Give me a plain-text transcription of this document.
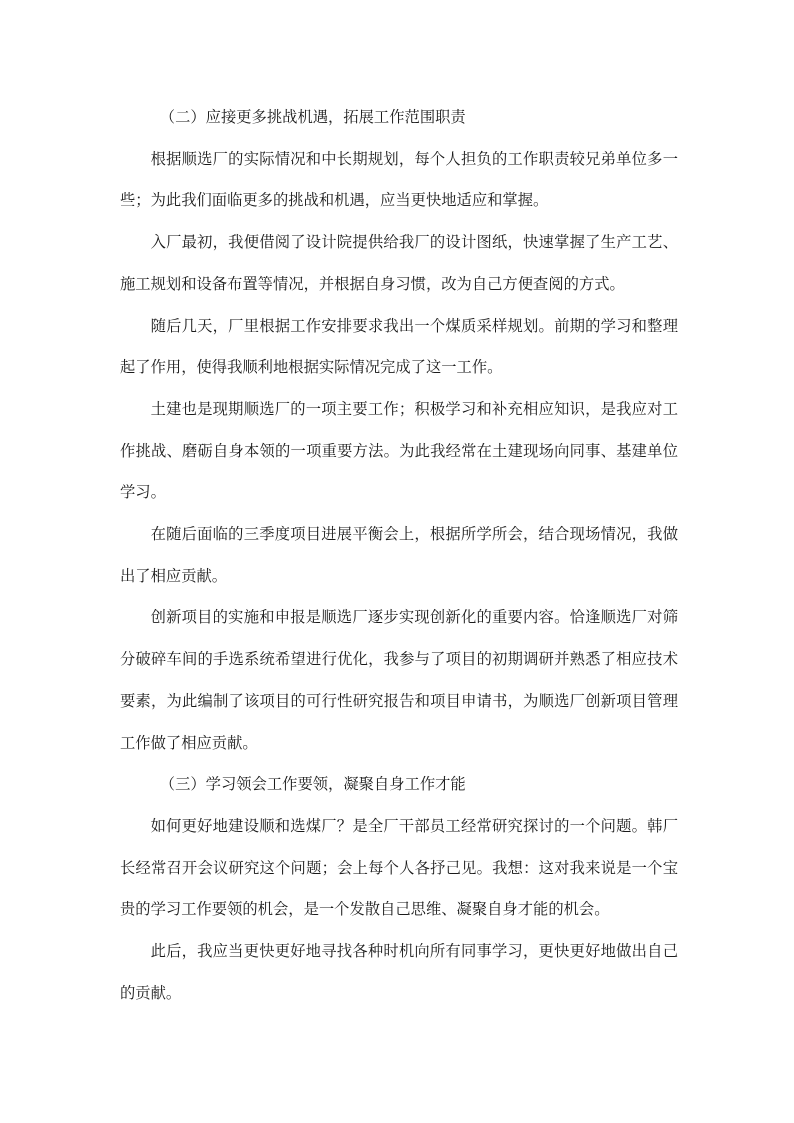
（二）应接更多挑战机遇，拓展工作范围职责

根据顺选厂的实际情况和中长期规划，每个人担负的工作职责较兄弟单位多一些；为此我们面临更多的挑战和机遇，应当更快地适应和掌握。

入厂最初，我便借阅了设计院提供给我厂的设计图纸，快速掌握了生产工艺、施工规划和设备布置等情况，并根据自身习惯，改为自己方便查阅的方式。

随后几天，厂里根据工作安排要求我出一个煤质采样规划。前期的学习和整理起了作用，使得我顺利地根据实际情况完成了这一工作。

土建也是现期顺选厂的一项主要工作；积极学习和补充相应知识，是我应对工作挑战、磨砺自身本领的一项重要方法。为此我经常在土建现场向同事、基建单位学习。

在随后面临的三季度项目进展平衡会上，根据所学所会，结合现场情况，我做出了相应贡献。

创新项目的实施和申报是顺选厂逐步实现创新化的重要内容。恰逢顺选厂对筛分破碎车间的手选系统希望进行优化，我参与了项目的初期调研并熟悉了相应技术要素，为此编制了该项目的可行性研究报告和项目申请书，为顺选厂创新项目管理工作做了相应贡献。

（三）学习领会工作要领，凝聚自身工作才能

如何更好地建设顺和选煤厂？是全厂干部员工经常研究探讨的一个问题。韩厂长经常召开会议研究这个问题；会上每个人各抒己见。我想：这对我来说是一个宝贵的学习工作要领的机会，是一个发散自己思维、凝聚自身才能的机会。

此后，我应当更快更好地寻找各种时机向所有同事学习，更快更好地做出自己的贡献。
